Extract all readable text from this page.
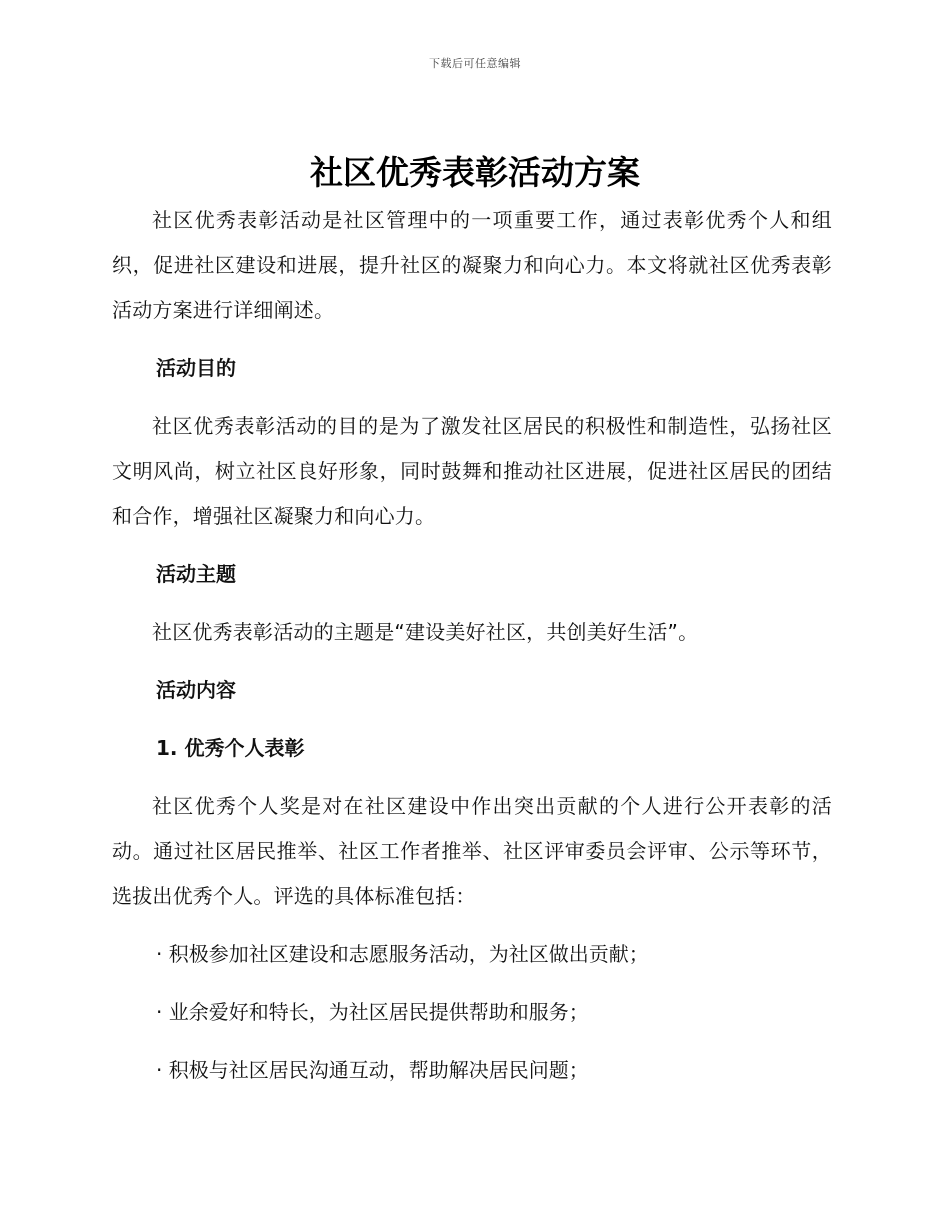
下载后可任意编辑
社区优秀表彰活动方案

社区优秀表彰活动是社区管理中的一项重要工作，通过表彰优秀个人和组织，促进社区建设和进展，提升社区的凝聚力和向心力。本文将就社区优秀表彰活动方案进行详细阐述。

活动目的

社区优秀表彰活动的目的是为了激发社区居民的积极性和制造性，弘扬社区文明风尚，树立社区良好形象，同时鼓舞和推动社区进展，促进社区居民的团结和合作，增强社区凝聚力和向心力。

活动主题

社区优秀表彰活动的主题是“建设美好社区，共创美好生活”。

活动内容

1. 优秀个人表彰

社区优秀个人奖是对在社区建设中作出突出贡献的个人进行公开表彰的活动。通过社区居民推举、社区工作者推举、社区评审委员会评审、公示等环节，选拔出优秀个人。评选的具体标准包括：

· 积极参加社区建设和志愿服务活动，为社区做出贡献；

· 业余爱好和特长，为社区居民提供帮助和服务；

· 积极与社区居民沟通互动，帮助解决居民问题；
